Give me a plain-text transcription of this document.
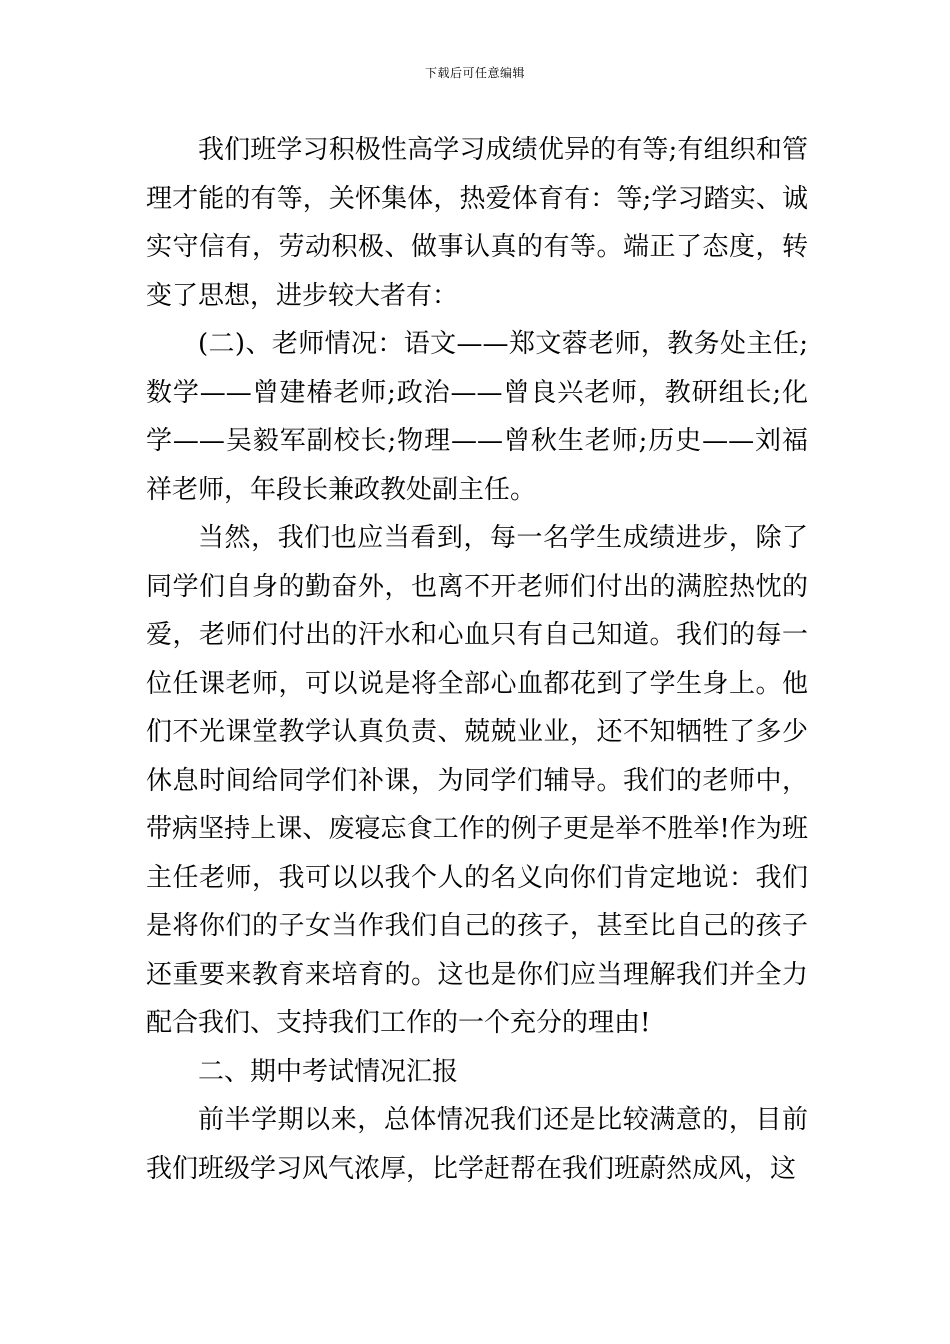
下载后可任意编辑

我们班学习积极性高学习成绩优异的有等;有组织和管理才能的有等，关怀集体，热爱体育有：等;学习踏实、诚实守信有，劳动积极、做事认真的有等。端正了态度，转变了思想，进步较大者有：

(二)、老师情况：语文——郑文蓉老师，教务处主任;数学——曾建椿老师;政治——曾良兴老师，教研组长;化学——吴毅军副校长;物理——曾秋生老师;历史——刘福祥老师，年段长兼政教处副主任。

当然，我们也应当看到，每一名学生成绩进步，除了同学们自身的勤奋外，也离不开老师们付出的满腔热忱的爱，老师们付出的汗水和心血只有自己知道。我们的每一位任课老师，可以说是将全部心血都花到了学生身上。他们不光课堂教学认真负责、兢兢业业，还不知牺牲了多少休息时间给同学们补课，为同学们辅导。我们的老师中，带病坚持上课、废寝忘食工作的例子更是举不胜举!作为班主任老师，我可以以我个人的名义向你们肯定地说：我们是将你们的子女当作我们自己的孩子，甚至比自己的孩子还重要来教育来培育的。这也是你们应当理解我们并全力配合我们、支持我们工作的一个充分的理由!

二、期中考试情况汇报

前半学期以来，总体情况我们还是比较满意的，目前我们班级学习风气浓厚，比学赶帮在我们班蔚然成风，这
